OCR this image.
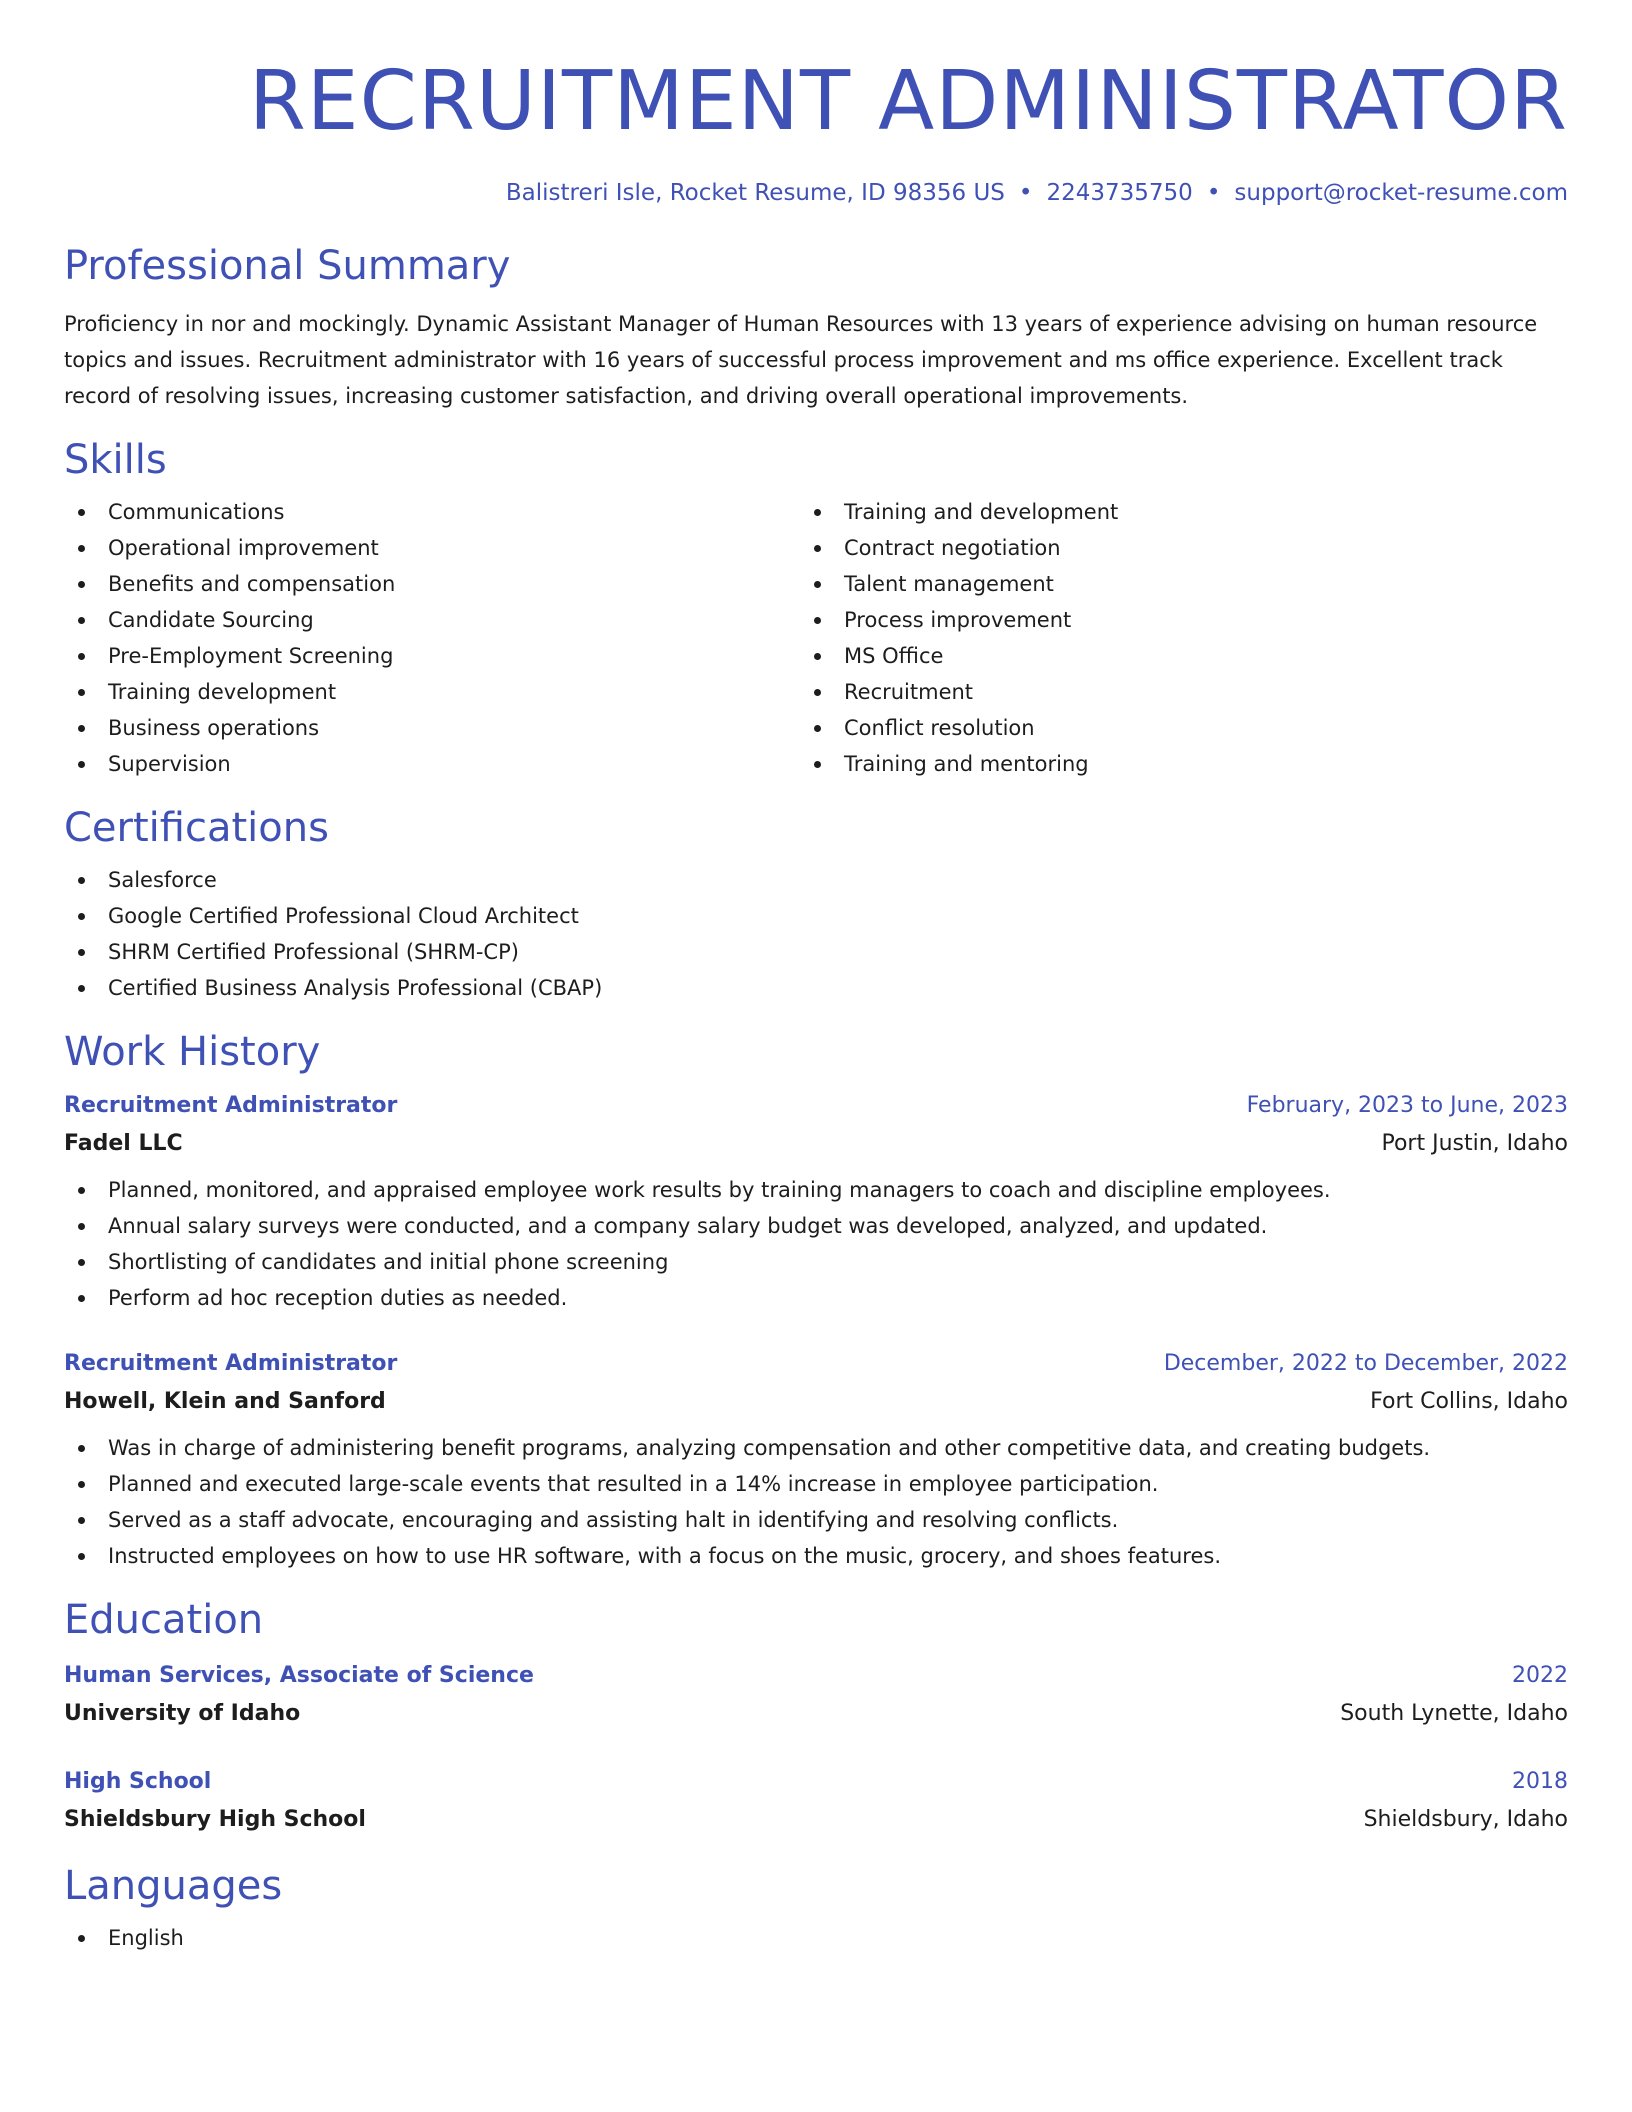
RECRUITMENT ADMINISTRATOR
Balistreri Isle, Rocket Resume, ID 98356 US • 2243735750 • support@rocket-resume.com
Professional Summary

Proficiency in nor and mockingly. Dynamic Assistant Manager of Human Resources with 13 years of experience advising on human resource topics and issues. Recruitment administrator with 16 years of successful process improvement and ms office experience. Excellent track record of resolving issues, increasing customer satisfaction, and driving overall operational improvements.

Skills
Communications
Operational improvement
Benefits and compensation
Candidate Sourcing
Pre-Employment Screening
Training development
Business operations
Supervision
Training and development
Contract negotiation
Talent management
Process improvement
MS Office
Recruitment
Conflict resolution
Training and mentoring
Certifications
Salesforce
Google Certified Professional Cloud Architect
SHRM Certified Professional (SHRM-CP)
Certified Business Analysis Professional (CBAP)
Work History
Recruitment Administrator	February, 2023 to June, 2023
Fadel LLC	Port Justin, Idaho
Planned, monitored, and appraised employee work results by training managers to coach and discipline employees.
Annual salary surveys were conducted, and a company salary budget was developed, analyzed, and updated.
Shortlisting of candidates and initial phone screening
Perform ad hoc reception duties as needed.
Recruitment Administrator	December, 2022 to December, 2022
Howell, Klein and Sanford	Fort Collins, Idaho
Was in charge of administering benefit programs, analyzing compensation and other competitive data, and creating budgets.
Planned and executed large-scale events that resulted in a 14% increase in employee participation.
Served as a staff advocate, encouraging and assisting halt in identifying and resolving conflicts.
Instructed employees on how to use HR software, with a focus on the music, grocery, and shoes features.
Education
Human Services, Associate of Science	2022
University of Idaho	South Lynette, Idaho
High School	2018
Shieldsbury High School	Shieldsbury, Idaho
Languages
English
